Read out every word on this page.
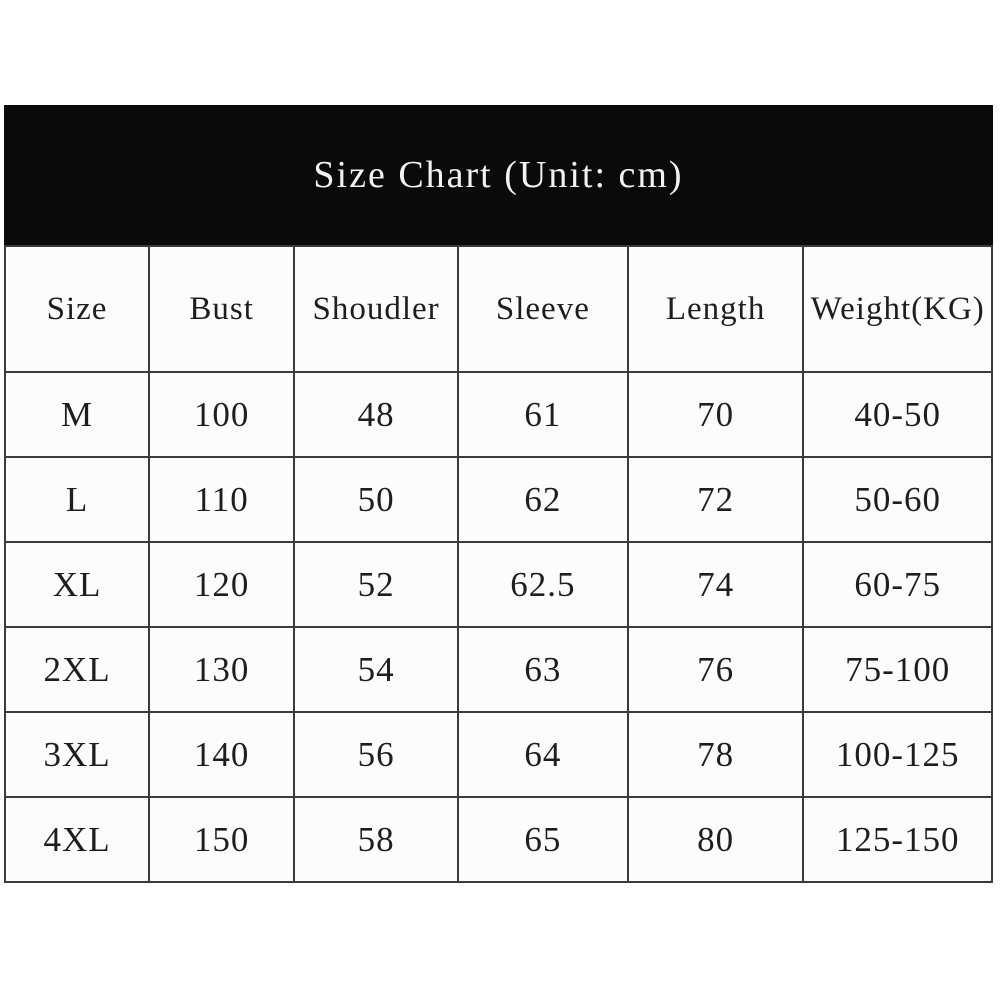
Size Chart (Unit: cm)
Size	Bust	Shoudler	Sleeve	Length	Weight(KG)
M	100	48	61	70	40-50
L	110	50	62	72	50-60
XL	120	52	62.5	74	60-75
2XL	130	54	63	76	75-100
3XL	140	56	64	78	100-125
4XL	150	58	65	80	125-150
